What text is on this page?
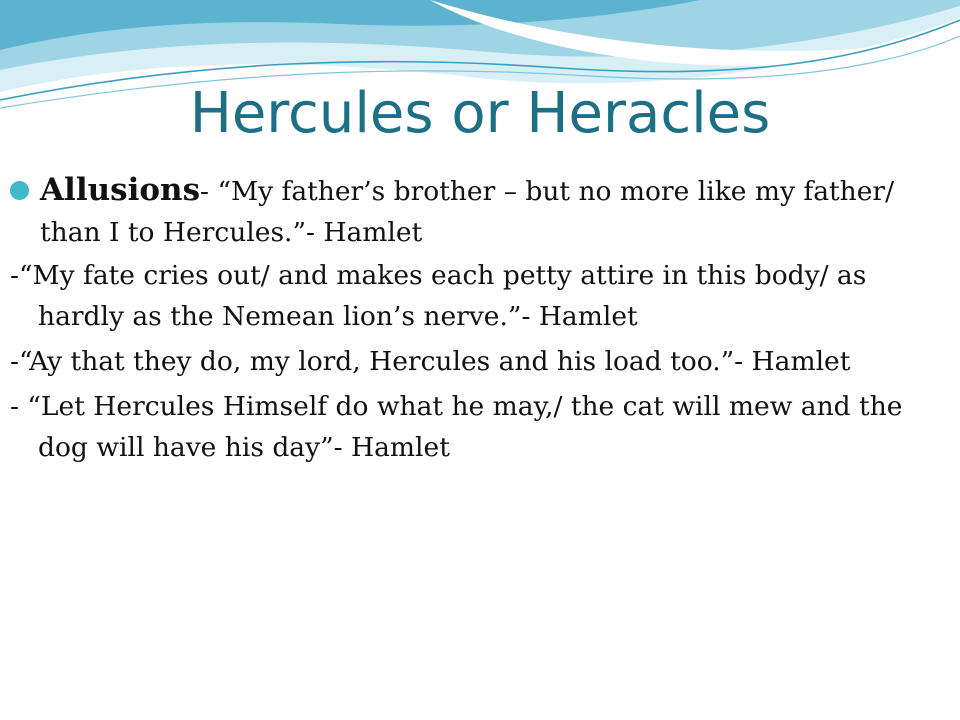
Hercules or Heracles

Allusions- “My father’s brother – but no more like my father/ than I to Hercules.”- Hamlet

-“My fate cries out/ and makes each petty attire in this body/ as hardly as the Nemean lion’s nerve.”- Hamlet

-“Ay that they do, my lord, Hercules and his load too.”- Hamlet

- “Let Hercules Himself do what he may,/ the cat will mew and the dog will have his day”- Hamlet
